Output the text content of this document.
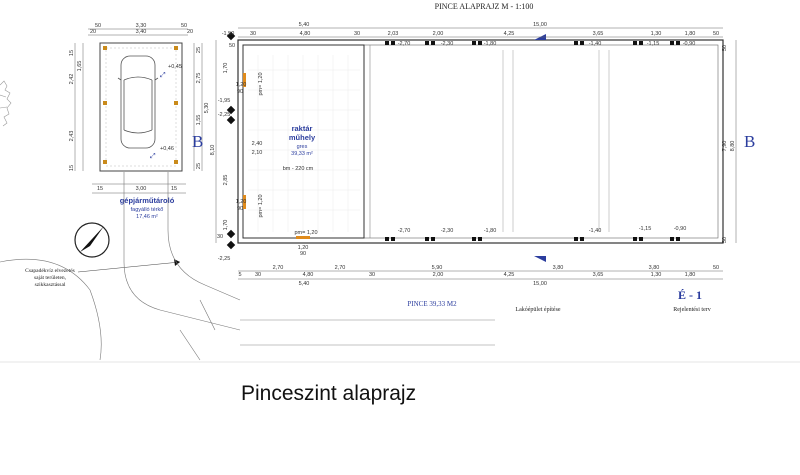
PINCE ALAPRAJZ M - 1:100
+0,45
+0,46
⤢
⤢
50	3,30	50
20	3,40	20
15
1,65
2,42
2,43
15
25
2,75
5,30
1,55
25
15	3,00	15
gépjárműtároló
fagyálló térkő
17,46 m²
B	B
Csapadékvíz elvezetés
saját területen,
szikkasztással
raktár
műhely
gres
39,33 m²
bm - 220 cm
5,40	15,00
-1,50	30	4,80	30	2,03	2,00	4,25	3,65	1,30	1,80	50
-2,70	-2,30	-1,80	-1,40	-1,15	-0,90
-2,70	-2,30	-1,80	-1,40	-1,15	-0,90
50
1,70
1,20
90
-1,95
-2,25
2,40
2,10
8,10
2,85
1,20
90
1,70
30
-2,25
pm= 1,20
pm= 1,20
pm= 1,20
1,20
90
5 30
2,70
4,80
2,70
30
5,90
2,00	4,25
3,80
3,65
3,80
1,30	1,80
50
5,40	15,00
7,90 8,80
50
50
PINCE 39,33 M2
É - 1
Lakóépület építése	Rejelentési terv
Pinceszint alaprajz
